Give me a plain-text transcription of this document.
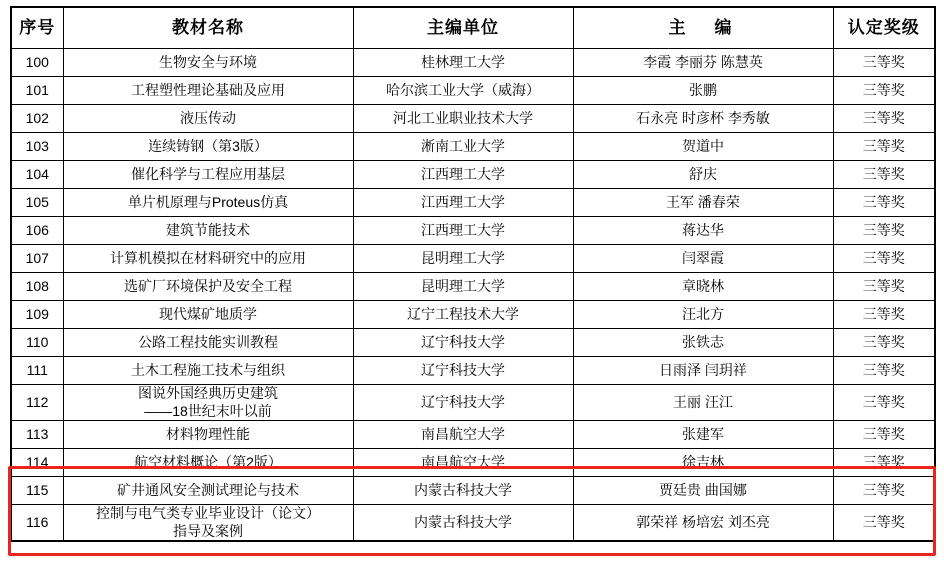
序号	教材名称	主编单位	主　编	认定奖级
100	生物安全与环境	桂林理工大学	李霞 李丽芬 陈慧英	三等奖
101	工程塑性理论基础及应用	哈尔滨工业大学（威海）	张鹏	三等奖
102	液压传动	河北工业职业技术大学	石永亮 时彦杯 李秀敏	三等奖
103	连续铸钢（第3版）	淅南工业大学	贺道中	三等奖
104	催化科学与工程应用基层	江西理工大学	舒庆	三等奖
105	单片机原理与Proteus仿真	江西理工大学	王军 潘春荣	三等奖
106	建筑节能技术	江西理工大学	蒋达华	三等奖
107	计算机模拟在材料研究中的应用	昆明理工大学	闫翠霞	三等奖
108	选矿厂环境保护及安全工程	昆明理工大学	章晓林	三等奖
109	现代煤矿地质学	辽宁工程技术大学	汪北方	三等奖
110	公路工程技能实训教程	辽宁科技大学	张铁志	三等奖
111	土木工程施工技术与组织	辽宁科技大学	日雨泽 闫玥祥	三等奖
112	图说外国经典历史建筑
——18世纪末叶以前	辽宁科技大学	王丽 汪江	三等奖
113	材料物理性能	南昌航空大学	张建军	三等奖
114	航空材料概论（第2版）	南昌航空大学	徐吉林	三等奖
115	矿井通风安全测试理论与技术	内蒙古科技大学	贾廷贵 曲国娜	三等奖
116	控制与电气类专业毕业设计（论文）
指导及案例	内蒙古科技大学	郭荣祥 杨培宏 刘丕亮	三等奖
